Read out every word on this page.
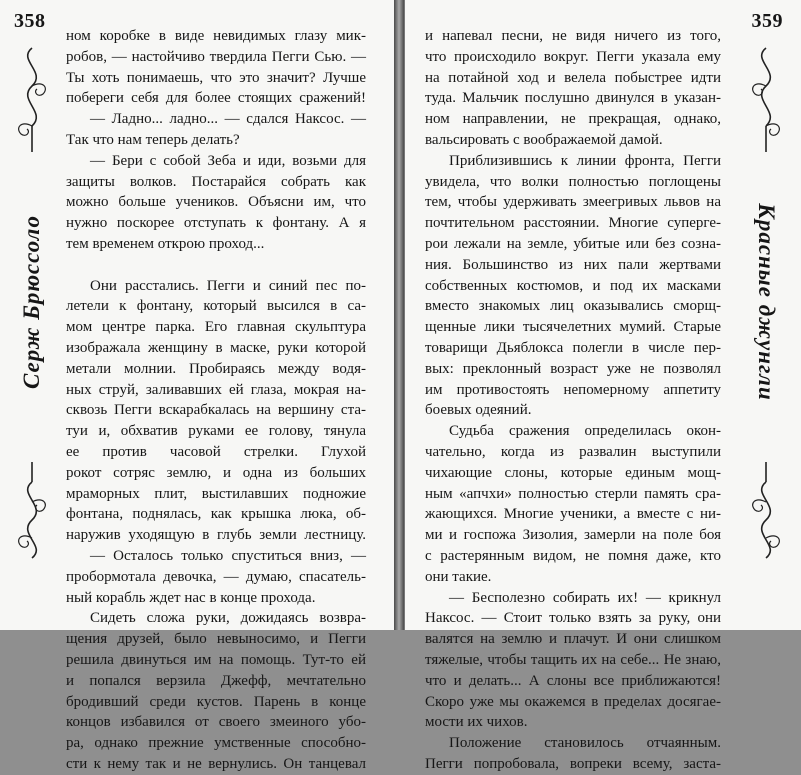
358
Серж Брюссоло
ном коробке в виде невидимых глазу мик-
робов, — настойчиво твердила Пегги Сью. —
Ты хоть понимаешь, что это значит? Лучше
побереги себя для более стоящих сражений!
— Ладно... ладно... — сдался Наксос. —
Так что нам теперь делать?
— Бери с собой Зеба и иди, возьми для
защиты волков. Постарайся собрать как
можно больше учеников. Объясни им, что
нужно поскорее отступать к фонтану. А я
тем временем открою проход...
Они расстались. Пегги и синий пес по-
летели к фонтану, который высился в са-
мом центре парка. Его главная скульптура
изображала женщину в маске, руки которой
метали молнии. Пробираясь между водя-
ных струй, заливавших ей глаза, мокрая на-
сквозь Пегги вскарабкалась на вершину ста-
туи и, обхватив руками ее голову, тянула
ее против часовой стрелки. Глухой
рокот сотряс землю, и одна из больших
мраморных плит, выстилавших подножие
фонтана, поднялась, как крышка люка, об-
наружив уходящую в глубь земли лестницу.
— Осталось только спуститься вниз, —
пробормотала девочка, — думаю, спасатель-
ный корабль ждет нас в конце прохода.
Сидеть сложа руки, дожидаясь возвра-
щения друзей, было невыносимо, и Пегги
решила двинуться им на помощь. Тут-то ей
и попался верзила Джефф, мечтательно
бродивший среди кустов. Парень в конце
концов избавился от своего змеиного убо-
ра, однако прежние умственные способно-
сти к нему так и не вернулись. Он танцевал
359
Красные джунгли
и напевал песни, не видя ничего из того,
что происходило вокруг. Пегги указала ему
на потайной ход и велела побыстрее идти
туда. Мальчик послушно двинулся в указан-
ном направлении, не прекращая, однако,
вальсировать с воображаемой дамой.
Приблизившись к линии фронта, Пегги
увидела, что волки полностью поглощены
тем, чтобы удерживать змеегривых львов на
почтительном расстоянии. Многие суперге-
рои лежали на земле, убитые или без созна-
ния. Большинство из них пали жертвами
собственных костюмов, и под их масками
вместо знакомых лиц оказывались сморщ-
щенные лики тысячелетних мумий. Старые
товарищи Дьяблокса полегли в числе пер-
вых: преклонный возраст уже не позволял
им противостоять непомерному аппетиту
боевых одеяний.
Судьба сражения определилась окон-
чательно, когда из развалин выступили
чихающие слоны, которые единым мощ-
ным «апчхи» полностью стерли память сра-
жающихся. Многие ученики, а вместе с ни-
ми и госпожа Зизолия, замерли на поле боя
с растерянным видом, не помня даже, кто
они такие.
— Бесполезно собирать их! — крикнул
Наксос. — Стоит только взять за руку, они
валятся на землю и плачут. И они слишком
тяжелые, чтобы тащить их на себе... Не знаю,
что и делать... А слоны все приближаются!
Скоро уже мы окажемся в пределах досягае-
мости их чихов.
Положение становилось отчаянным.
Пегги попробовала, вопреки всему, заста-
